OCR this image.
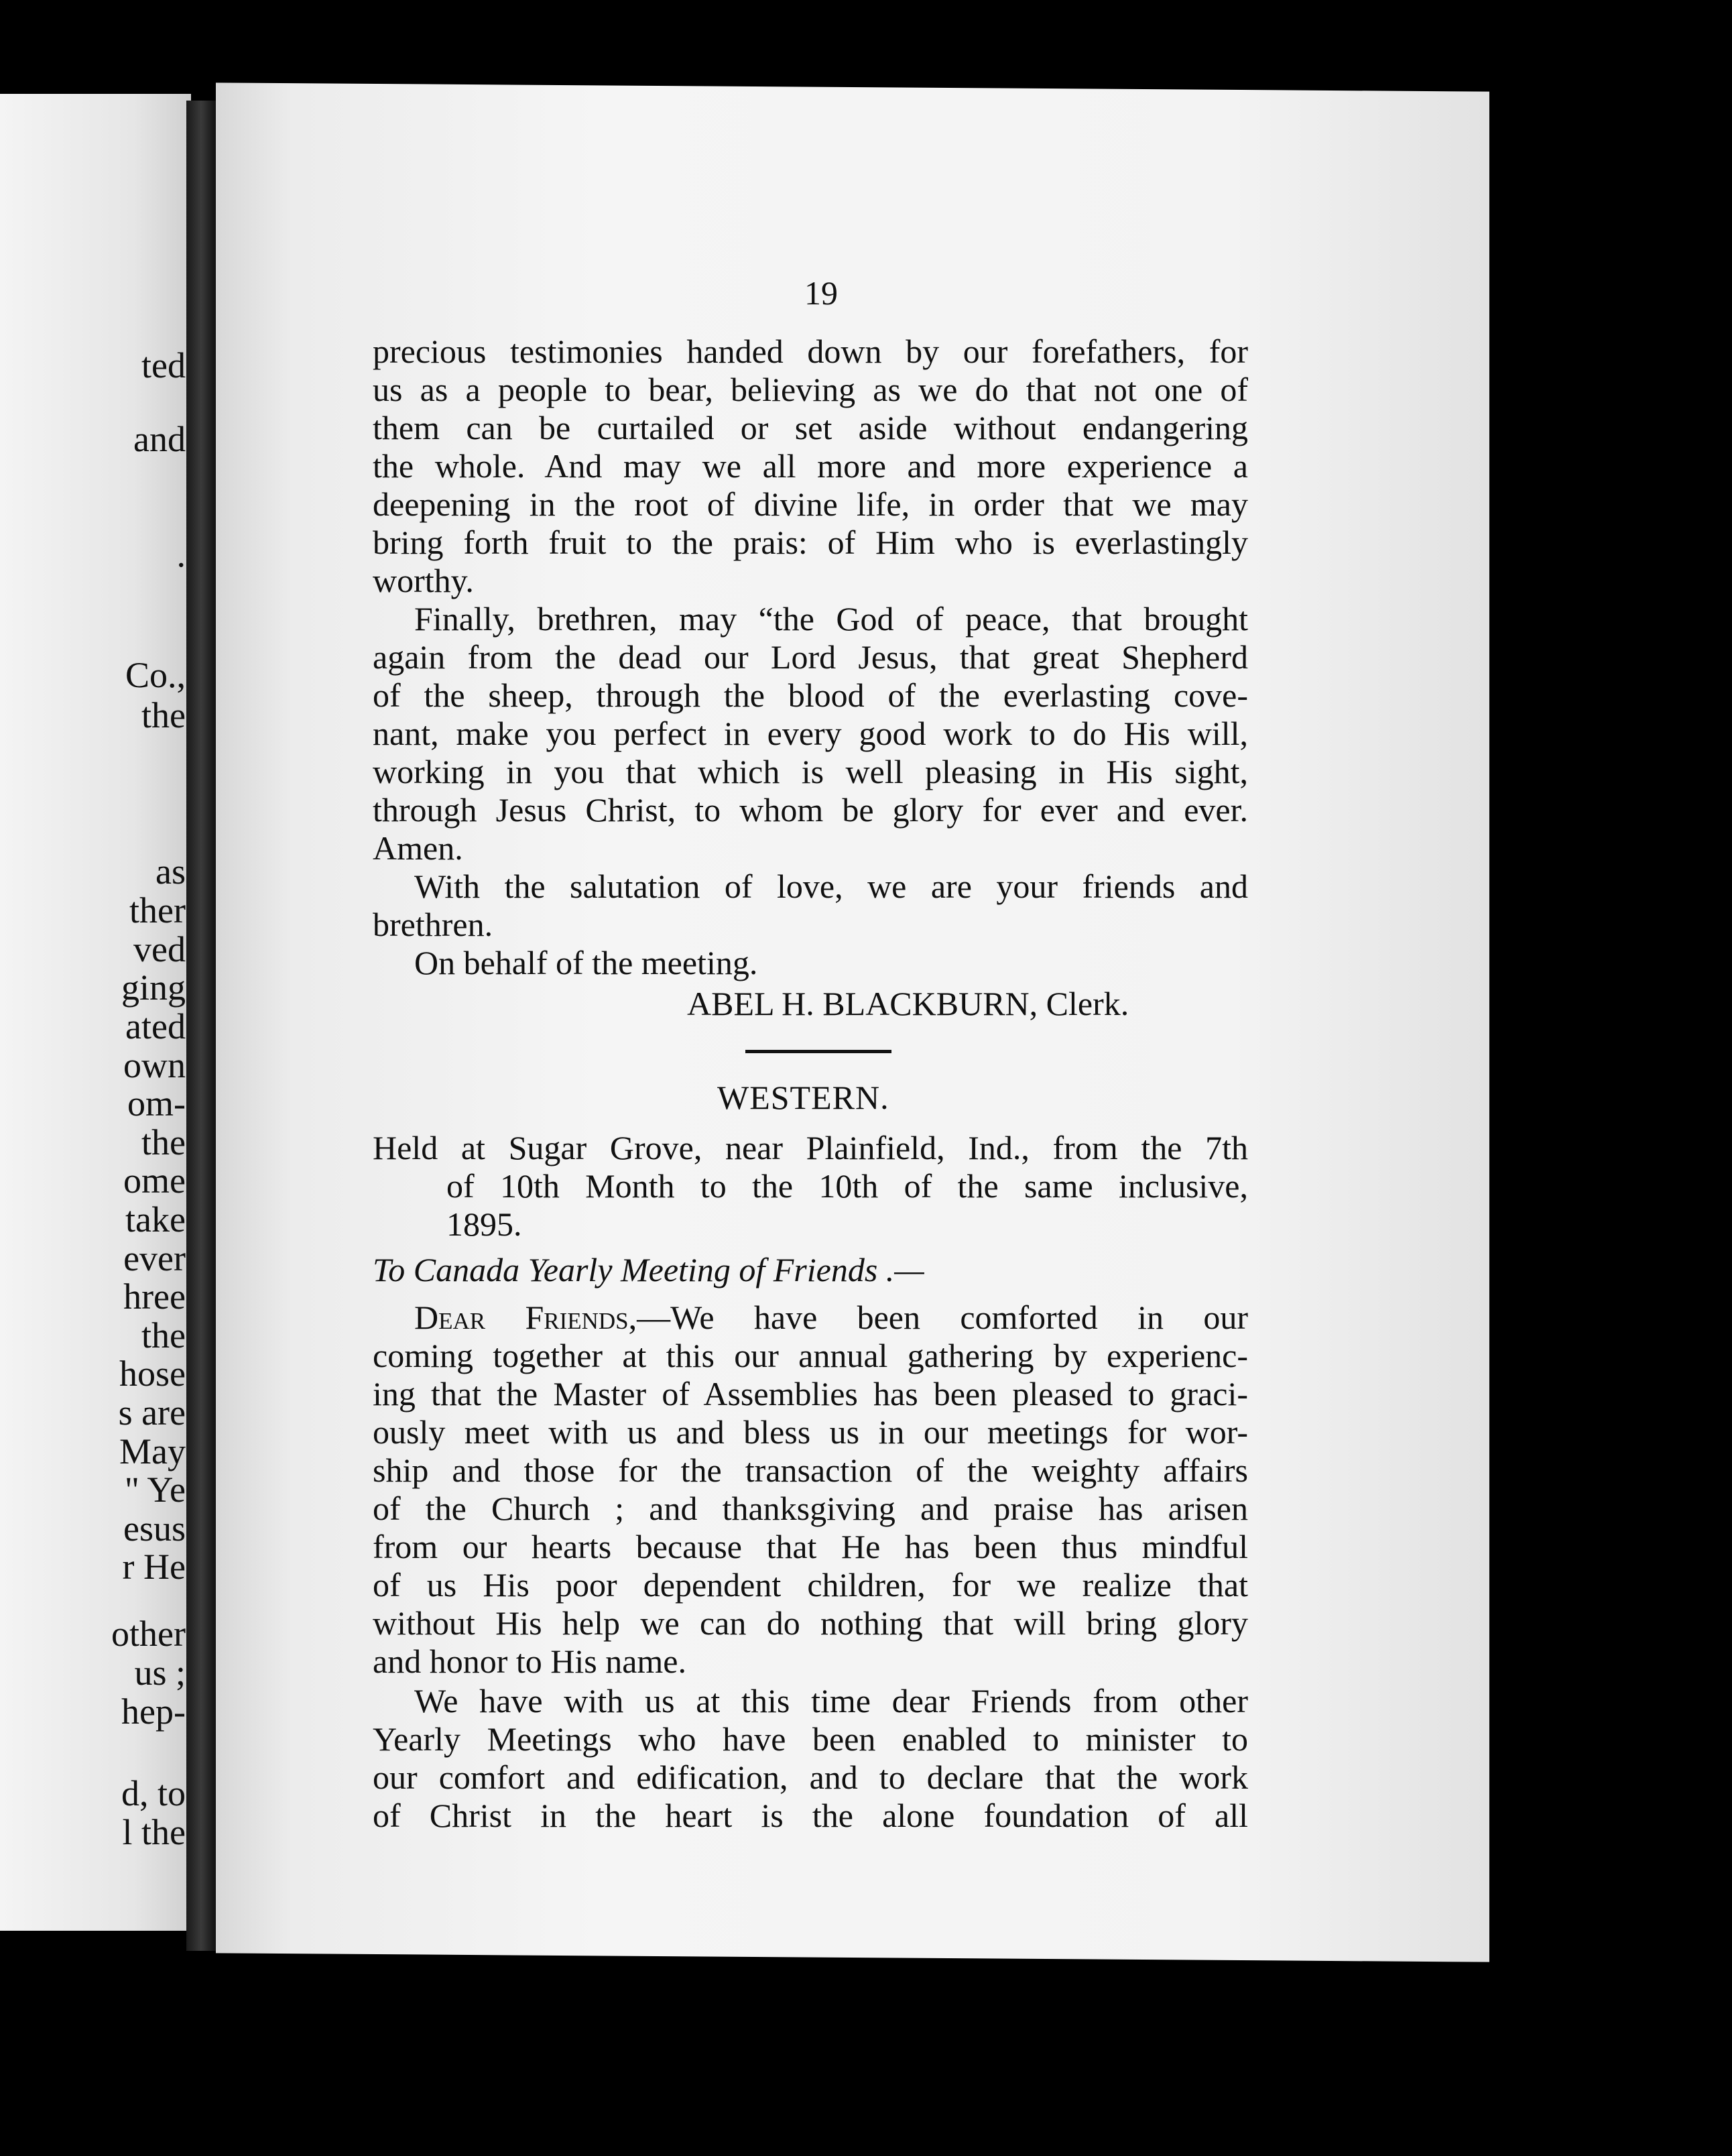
ted
and
.
Co.,
the
as
ther
ved
ging
ated
own
om-
the
ome
take
ever
hree
the
hose
s are
May
" Ye
esus
r He
other
us ;
hep-
d, to
l the
19
precious testimonies handed down by our forefathers, for
us as a people to bear, believing as we do that not one of
them can be curtailed or set aside without endangering
the whole. And may we all more and more experience a
deepening in the root of divine life, in order that we may
bring forth fruit to the prais: of Him who is everlastingly
worthy.
Finally, brethren, may “the God of peace, that brought
again from the dead our Lord Jesus, that great Shepherd
of the sheep, through the blood of the everlasting cove-
nant, make you perfect in every good work to do His will,
working in you that which is well pleasing in His sight,
through Jesus Christ, to whom be glory for ever and ever.
Amen.
With the salutation of love, we are your friends and
brethren.
On behalf of the meeting.
ABEL H. BLACKBURN, Clerk.
WESTERN.
Held at Sugar Grove, near Plainfield, Ind., from the 7th
of 10th Month to the 10th of the same inclusive,
1895.
To Canada Yearly Meeting of Friends .—
Dear Friends,—We have been comforted in our
coming together at this our annual gathering by experienc-
ing that the Master of Assemblies has been pleased to graci-
ously meet with us and bless us in our meetings for wor-
ship and those for the transaction of the weighty affairs
of the Church ; and thanksgiving and praise has arisen
from our hearts because that He has been thus mindful
of us His poor dependent children, for we realize that
without His help we can do nothing that will bring glory
and honor to His name.
We have with us at this time dear Friends from other
Yearly Meetings who have been enabled to minister to
our comfort and edification, and to declare that the work
of Christ in the heart is the alone foundation of all
